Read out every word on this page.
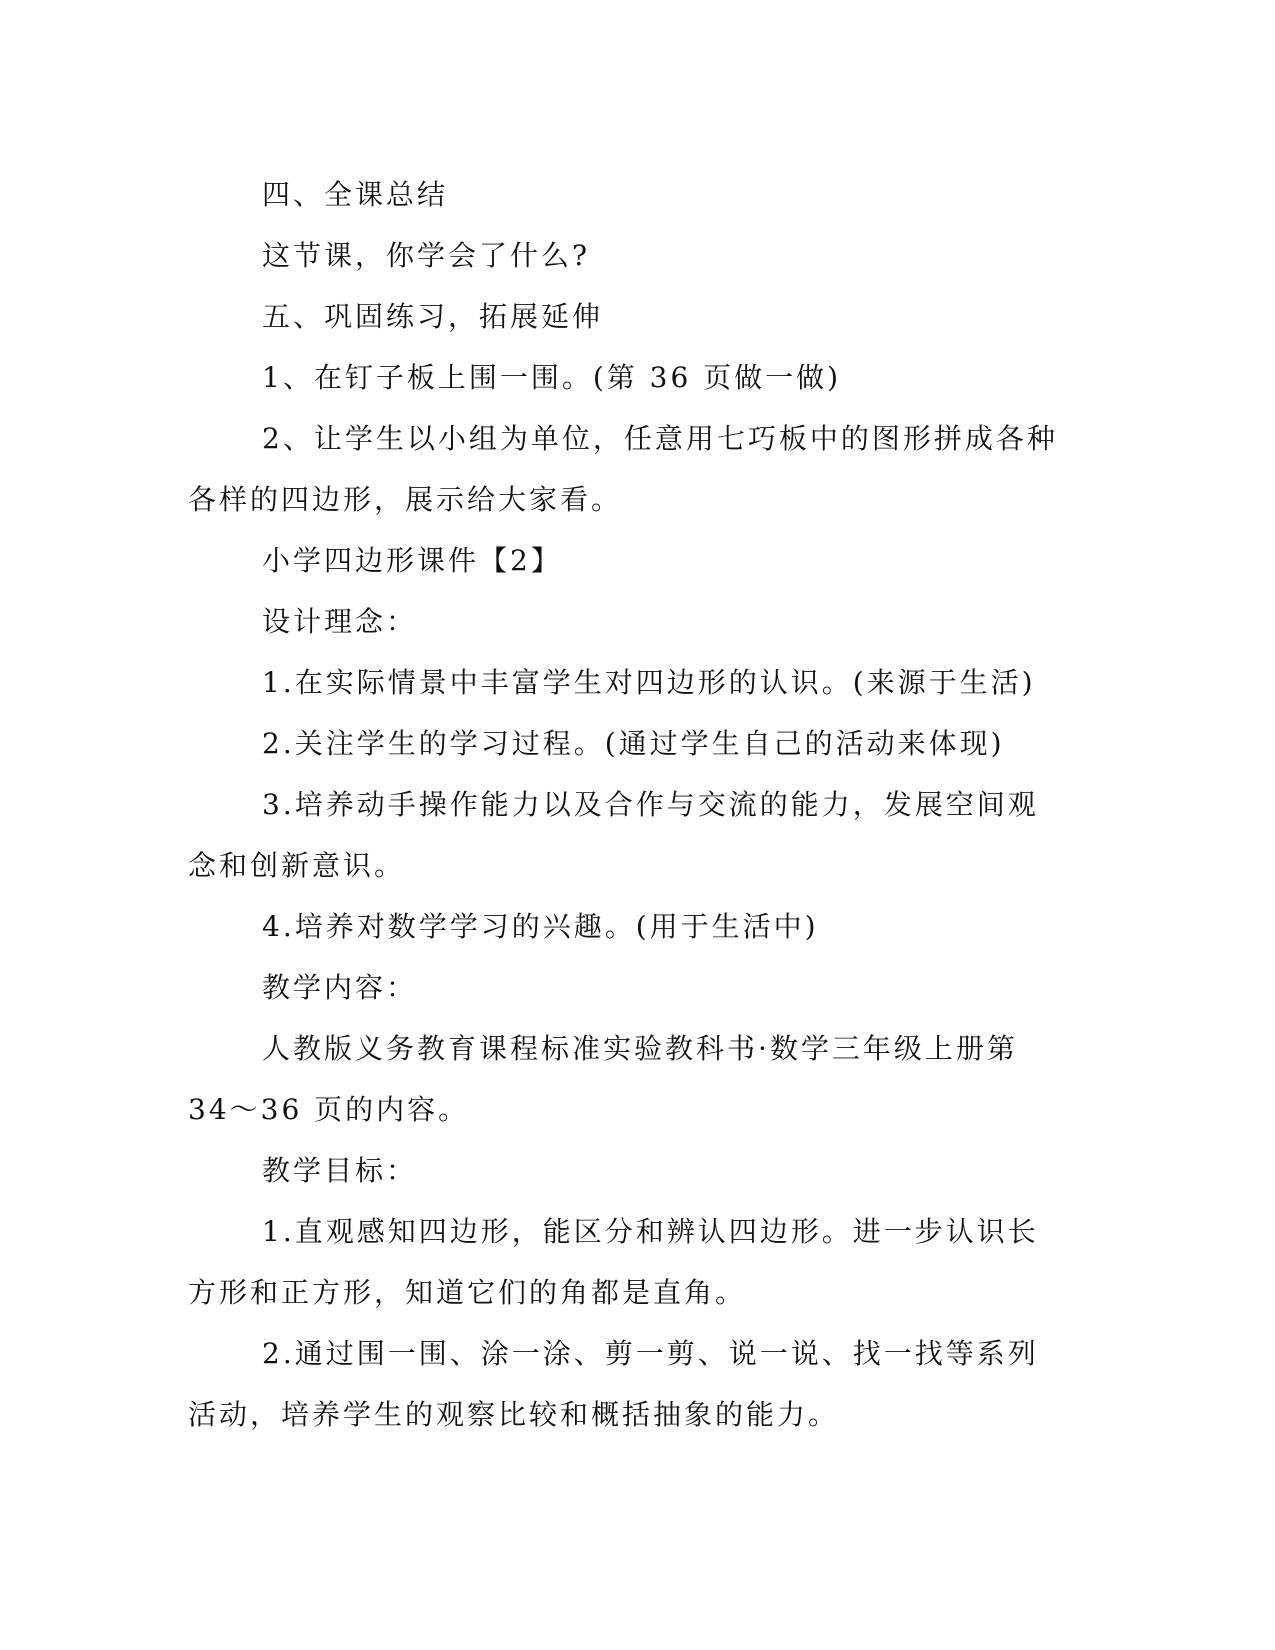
四、全课总结

这节课，你学会了什么?

五、巩固练习，拓展延伸

1、在钉子板上围一围。(第 36 页做一做)

2、让学生以小组为单位，任意用七巧板中的图形拼成各种各样的四边形，展示给大家看。

小学四边形课件【2】

设计理念：

1.在实际情景中丰富学生对四边形的认识。(来源于生活)

2.关注学生的学习过程。(通过学生自己的活动来体现)

3.培养动手操作能力以及合作与交流的能力，发展空间观念和创新意识。

4.培养对数学学习的兴趣。(用于生活中)

教学内容：

人教版义务教育课程标准实验教科书·数学三年级上册第 34～36 页的内容。

教学目标：

1.直观感知四边形，能区分和辨认四边形。进一步认识长方形和正方形，知道它们的角都是直角。

2.通过围一围、涂一涂、剪一剪、说一说、找一找等系列活动，培养学生的观察比较和概括抽象的能力。
